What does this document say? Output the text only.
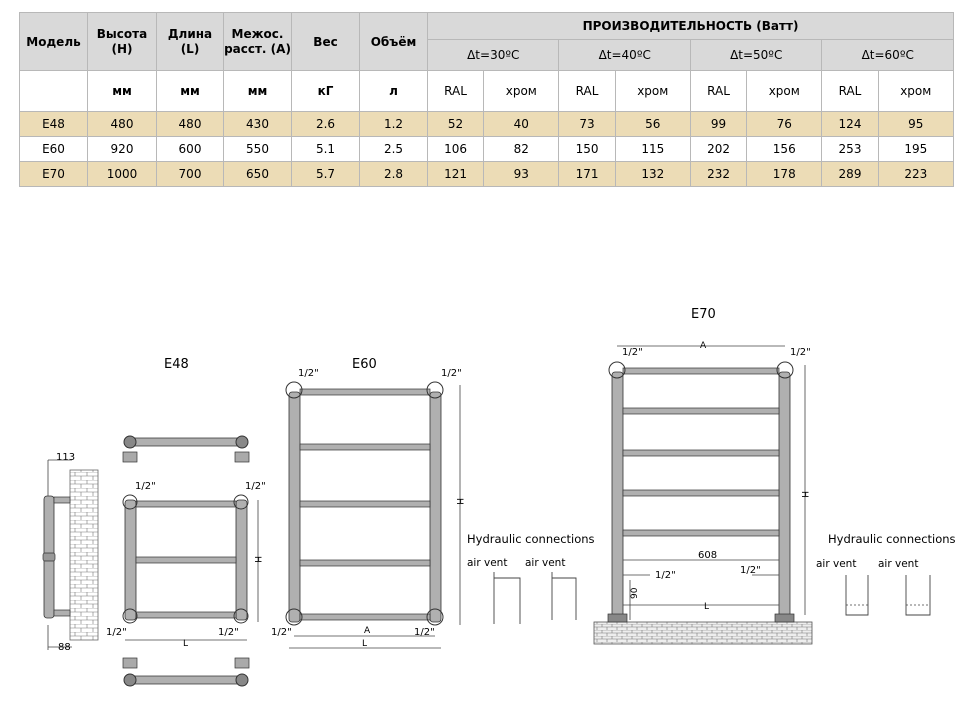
Модель	Высота (H)	Длина (L)	Межос. расст. (A)	Вес	Объём	ПРОИЗВОДИТЕЛЬНОСТЬ (Ватт)							
						Δt=30ºС		Δt=40ºС		Δt=50ºС		Δt=60ºС	
	мм	мм	мм	кГ	л	RAL	хром	RAL	хром	RAL	хром	RAL	хром
E48	480	480	430	2.6	1.2	52	40	73	56	99	76	124	95
E60	920	600	550	5.1	2.5	106	82	150	115	202	156	253	195
E70	1000	700	650	5.7	2.8	121	93	171	132	232	178	289	223
113
88
E48
1/2"	1/2"
1/2"	1/2"
H
L
E60
1/2"	1/2"
1/2"	1/2"
H
A
L
Hydraulic connections
air vent air vent
E70
1/2"	1/2"
A
H
608
1/2"	1/2"
90
L
Hydraulic connections
air vent air vent
